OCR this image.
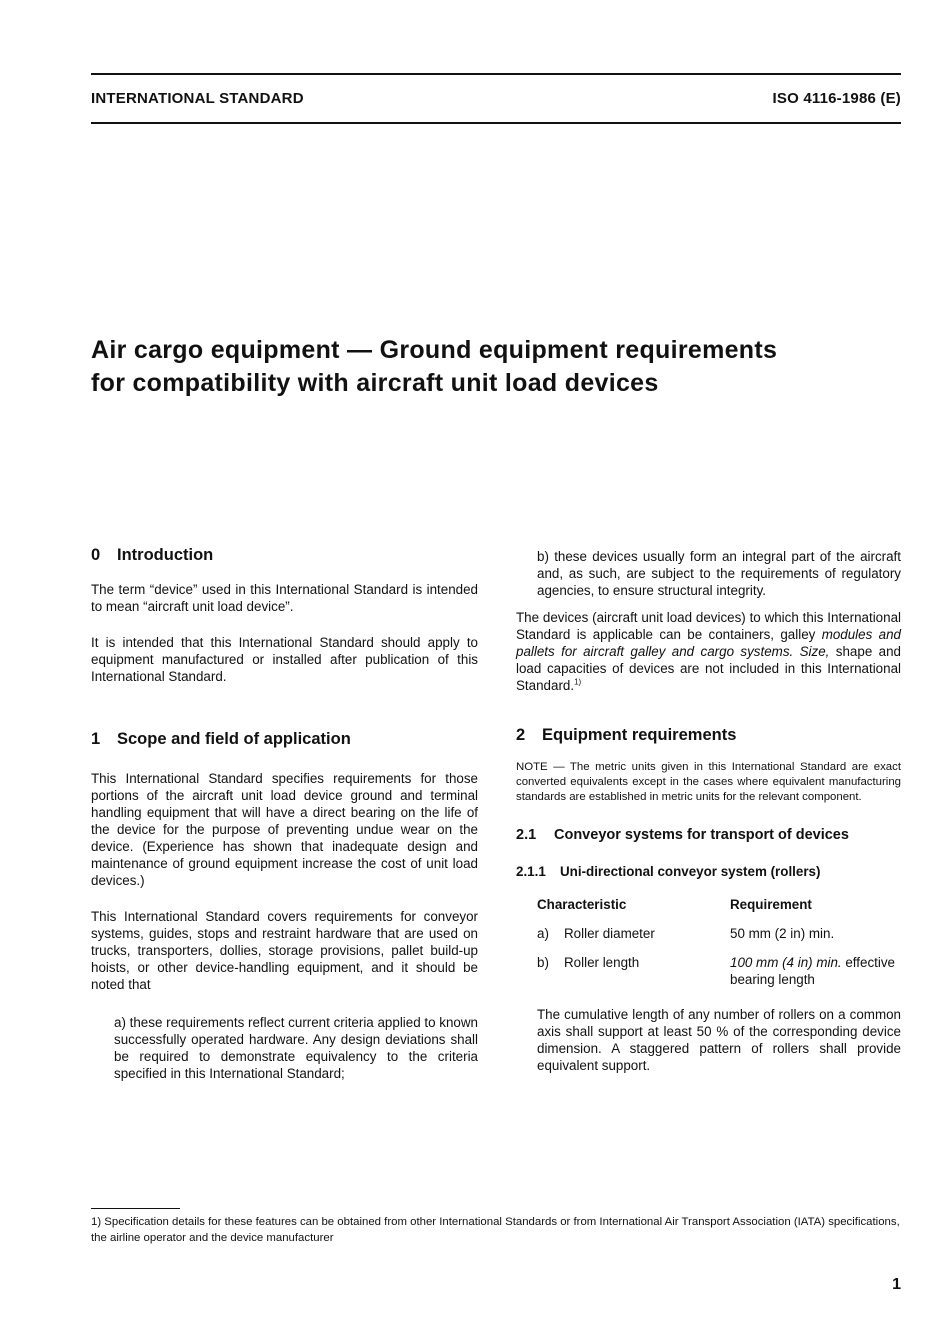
INTERNATIONAL STANDARD	ISO 4116-1986 (E)
Air cargo equipment — Ground equipment requirements
for compatibility with aircraft unit load devices
0 Introduction
The term “device” used in this International Standard is intended to mean “aircraft unit load device”.
It is intended that this International Standard should apply to equipment manufactured or installed after publication of this International Standard.
1 Scope and field of application
This International Standard specifies requirements for those portions of the aircraft unit load device ground and terminal handling equipment that will have a direct bearing on the life of the device for the purpose of preventing undue wear on the device. (Experience has shown that inadequate design and maintenance of ground equipment increase the cost of unit load devices.)
This International Standard covers requirements for conveyor systems, guides, stops and restraint hardware that are used on trucks, transporters, dollies, storage provisions, pallet build-up hoists, or other device-handling equipment, and it should be noted that
a) these requirements reflect current criteria applied to known successfully operated hardware. Any design deviations shall be required to demonstrate equivalency to the criteria specified in this International Standard;
b) these devices usually form an integral part of the aircraft and, as such, are subject to the requirements of regulatory agencies, to ensure structural integrity.
The devices (aircraft unit load devices) to which this International Standard is applicable can be containers, galley modules and pallets for aircraft galley and cargo systems. Size, shape and load capacities of devices are not included in this International Standard.$^{1)}$
2 Equipment requirements
NOTE — The metric units given in this International Standard are exact converted equivalents except in the cases where equivalent manufacturing standards are established in metric units for the relevant component.
2.1 Conveyor systems for transport of devices
2.1.1 Uni-directional conveyor system (rollers)
Characteristic	Requirement
a) Roller diameter	50 mm (2 in) min.
b) Roller length	100 mm (4 in) min. effective bearing length
The cumulative length of any number of rollers on a common axis shall support at least 50 % of the corresponding device dimension. A staggered pattern of rollers shall provide equivalent support.
1) Specification details for these features can be obtained from other International Standards or from International Air Transport Association (IATA) specifications, the airline operator and the device manufacturer
1
